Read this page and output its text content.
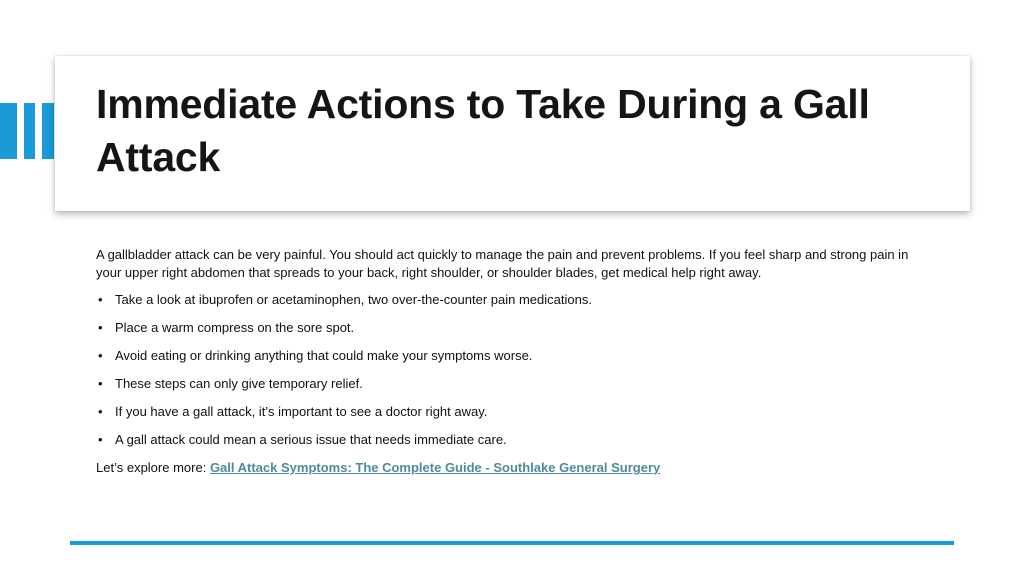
Immediate Actions to Take During a Gall Attack

A gallbladder attack can be very painful. You should act quickly to manage the pain and prevent problems. If you feel sharp and strong pain in your upper right abdomen that spreads to your back, right shoulder, or shoulder blades, get medical help right away.

• Take a look at ibuprofen or acetaminophen, two over-the-counter pain medications.
• Place a warm compress on the sore spot.
• Avoid eating or drinking anything that could make your symptoms worse.
• These steps can only give temporary relief.
• If you have a gall attack, it’s important to see a doctor right away.
• A gall attack could mean a serious issue that needs immediate care.

Let’s explore more: Gall Attack Symptoms: The Complete Guide - Southlake General Surgery
